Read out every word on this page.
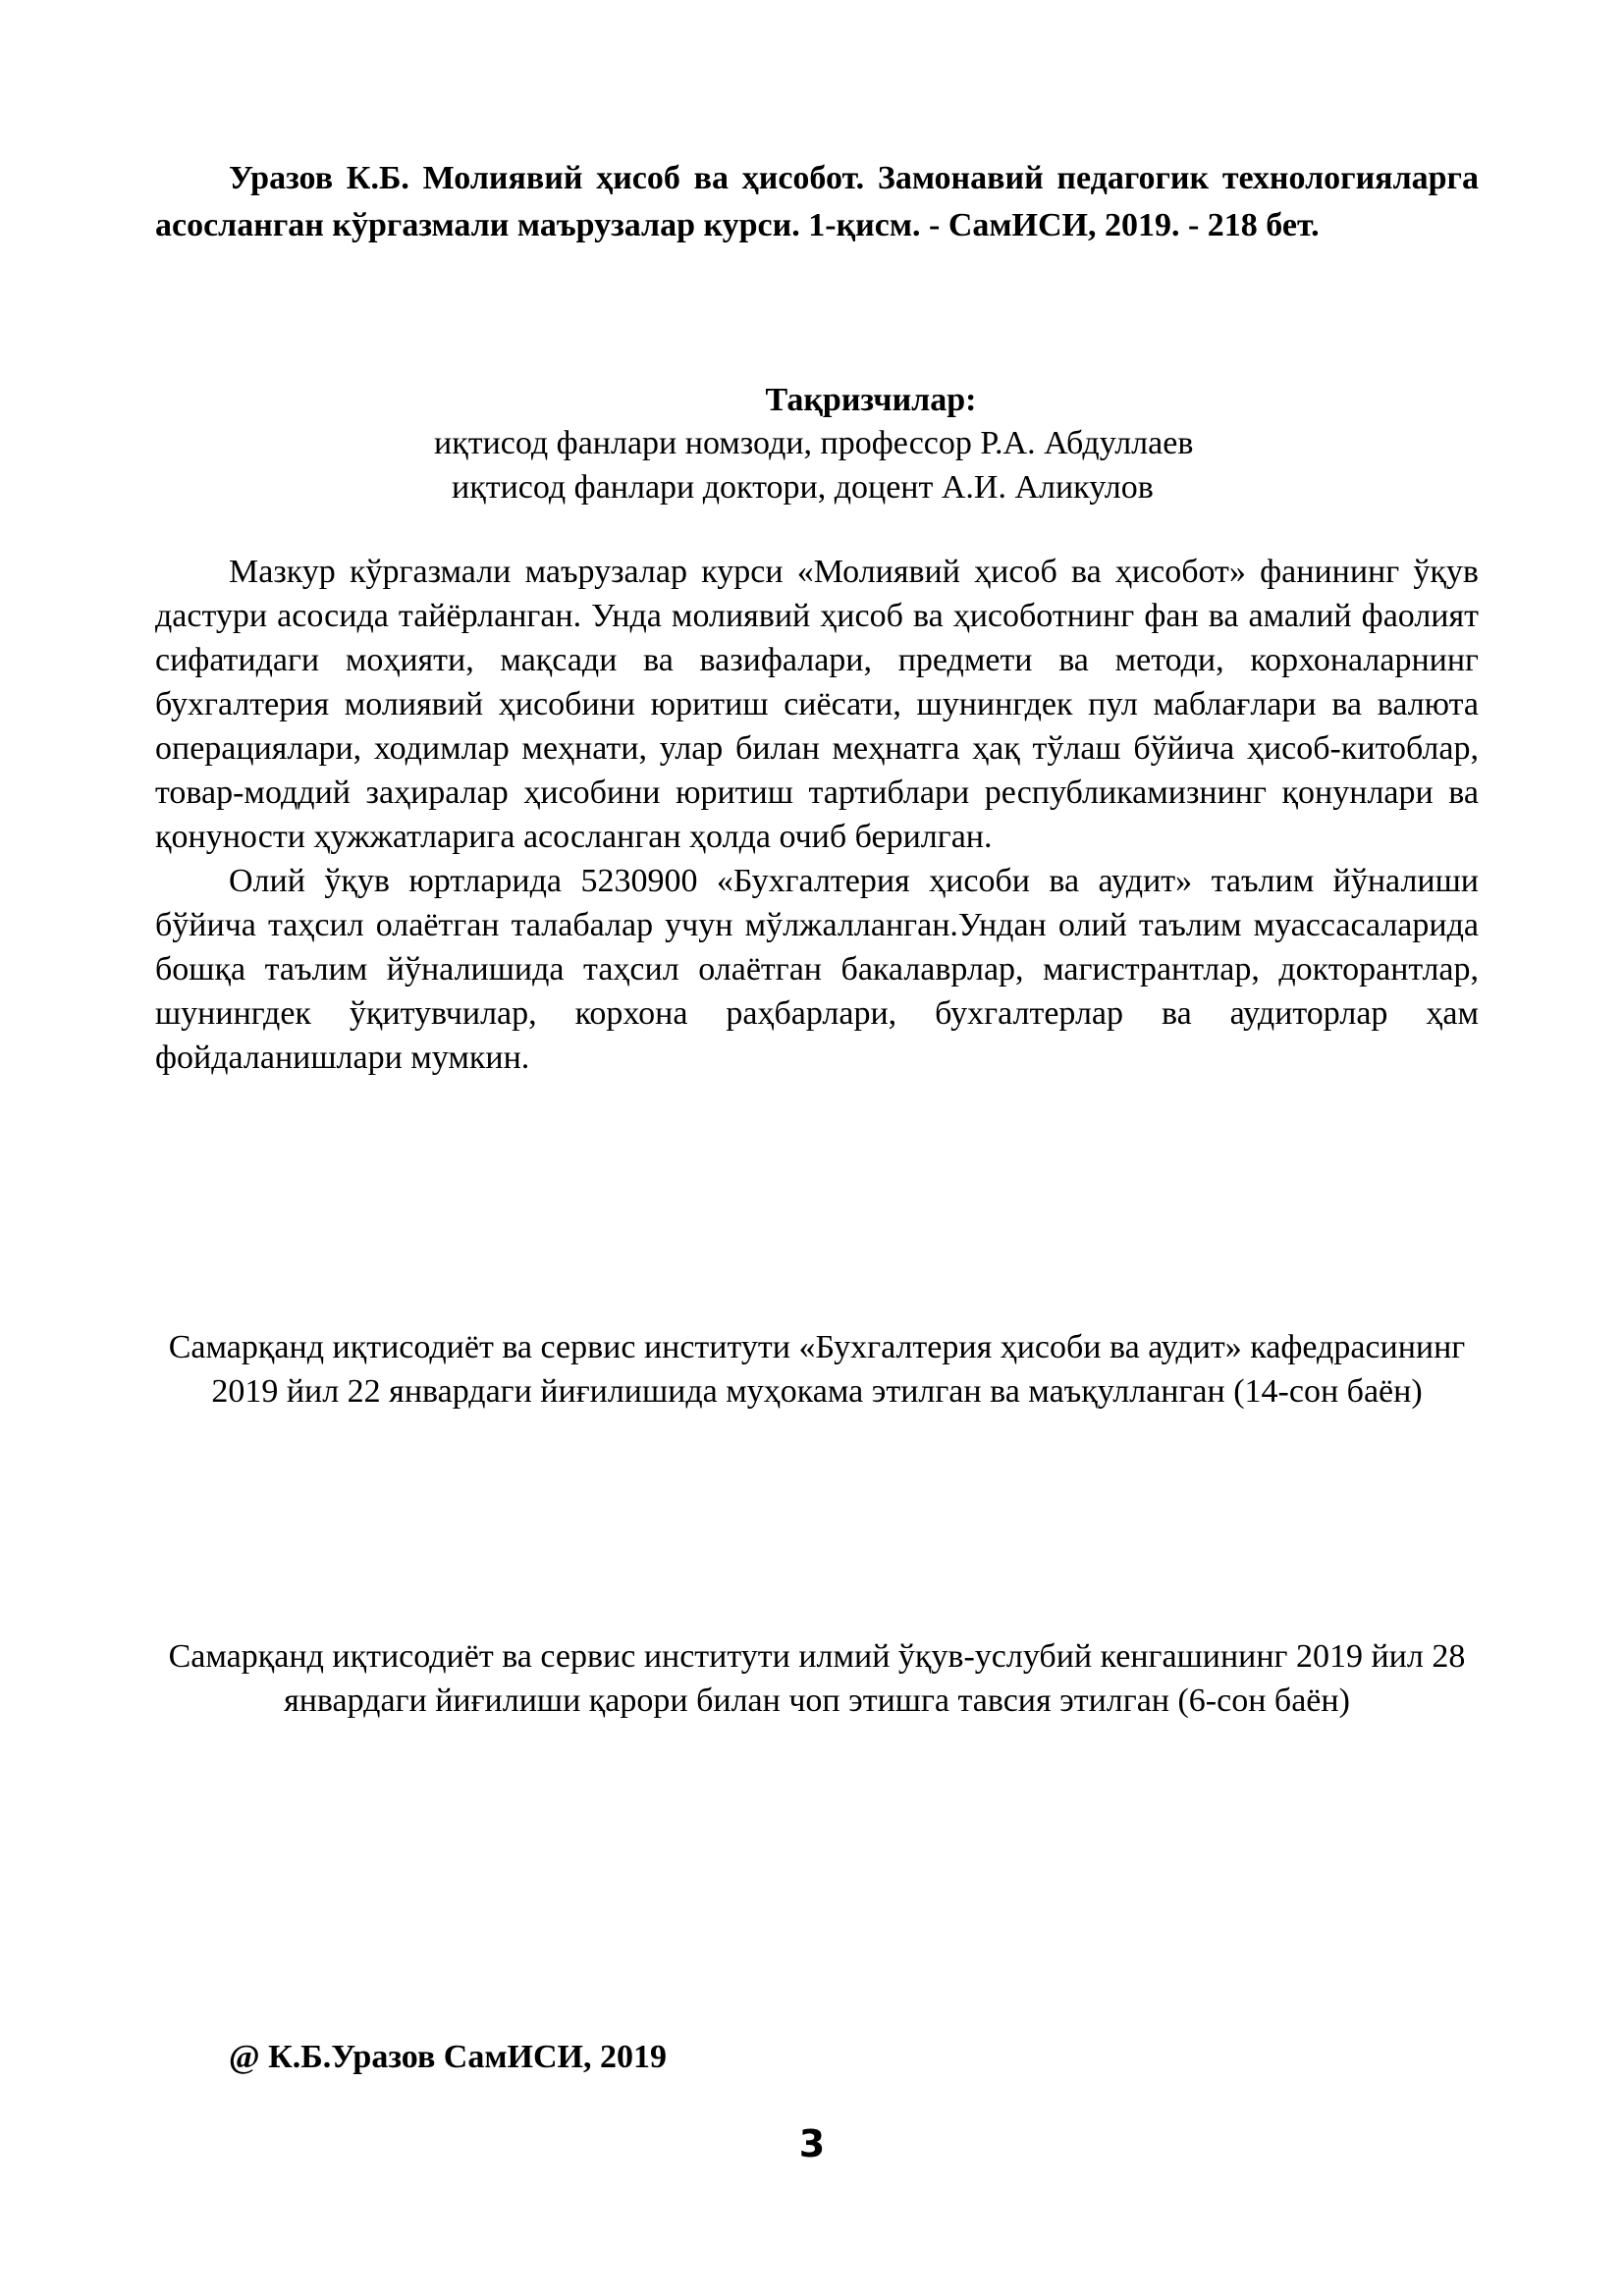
Уразов К.Б. Молиявий ҳисоб ва ҳисобот. Замонавий педагогик технологияларга асосланган кўргазмали маърузалар курси. 1-қисм. - СамИСИ, 2019. - 218 бет.

Тақризчилар:

иқтисод фанлари номзоди, профессор Р.А. Абдуллаев

иқтисод фанлари доктори, доцент А.И. Аликулов

Мазкур кўргазмали маърузалар курси «Молиявий ҳисоб ва ҳисобот» фанининг ўқув дастури асосида тайёрланган. Унда молиявий ҳисоб ва ҳисоботнинг фан ва амалий фаолият сифатидаги моҳияти, мақсади ва вазифалари, предмети ва методи, корхоналарнинг бухгалтерия молиявий ҳисобини юритиш сиёсати, шунингдек пул маблағлари ва валюта операциялари, ходимлар меҳнати, улар билан меҳнатга ҳақ тўлаш бўйича ҳисоб-китоблар, товар-моддий заҳиралар ҳисобини юритиш тартиблари республикамизнинг қонунлари ва қонуности ҳужжатларига асосланган ҳолда очиб берилган.

Олий ўқув юртларида 5230900 «Бухгалтерия ҳисоби ва аудит» таълим йўналиши бўйича таҳсил олаётган талабалар учун мўлжалланган.Ундан олий таълим муассасаларида бошқа таълим йўналишида таҳсил олаётган бакалаврлар, магистрантлар, докторантлар, шунингдек ўқитувчилар, корхона раҳбарлари, бухгалтерлар ва аудиторлар ҳам фойдаланишлари мумкин.

Самарқанд иқтисодиёт ва сервис институти «Бухгалтерия ҳисоби ва аудит» кафедрасининг 2019 йил 22 январдаги йиғилишида муҳокама этилган ва маъқулланган (14-сон баён)

Самарқанд иқтисодиёт ва сервис институти илмий ўқув-услубий кенгашининг 2019 йил 28 январдаги йиғилиши қарори билан чоп этишга тавсия этилган (6-сон баён)

@ К.Б.Уразов СамИСИ, 2019

3
